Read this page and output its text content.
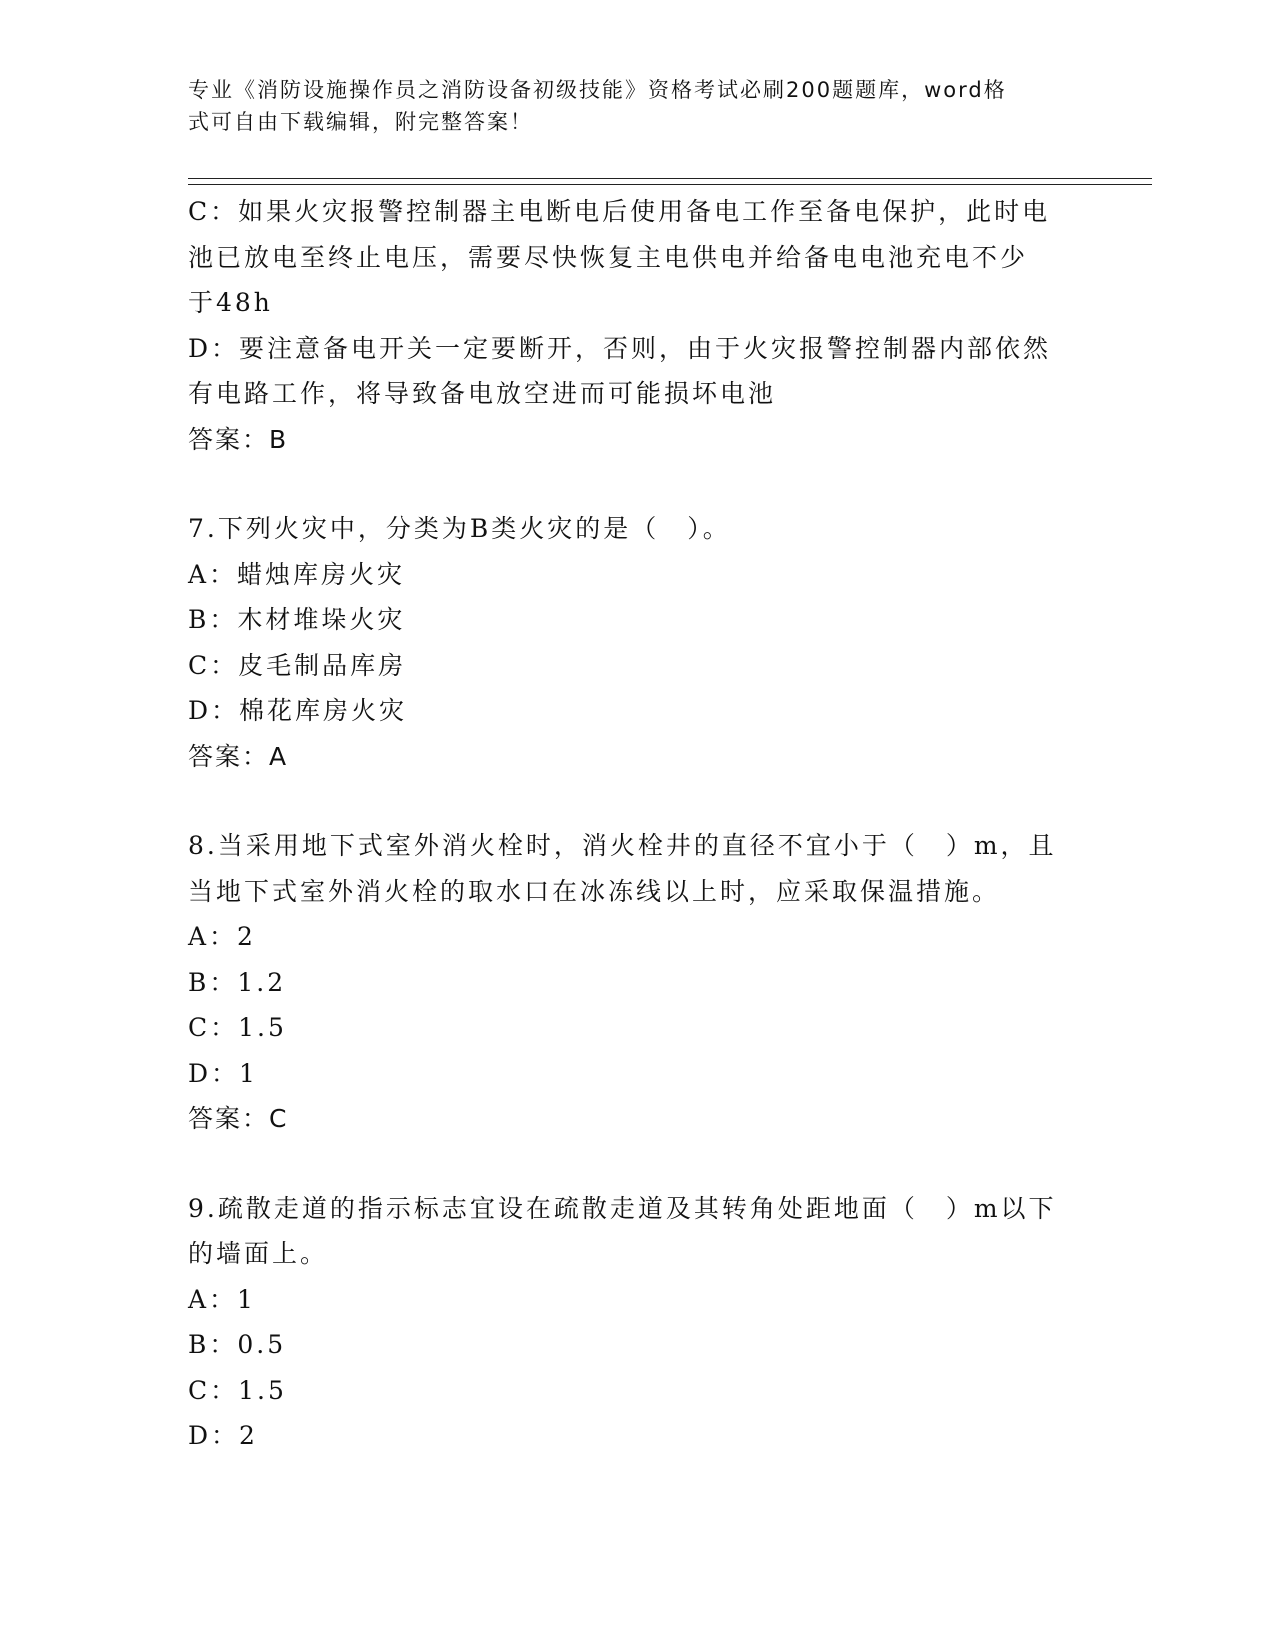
专业《消防设施操作员之消防设备初级技能》资格考试必刷200题题库，word格
式可自由下载编辑，附完整答案！

C：如果火灾报警控制器主电断电后使用备电工作至备电保护，此时电

池已放电至终止电压，需要尽快恢复主电供电并给备电电池充电不少

于48h

D：要注意备电开关一定要断开，否则，由于火灾报警控制器内部依然

有电路工作，将导致备电放空进而可能损坏电池

答案：B

7.下列火灾中，分类为B类火灾的是（　）。

A：蜡烛库房火灾

B：木材堆垛火灾

C：皮毛制品库房

D：棉花库房火灾

答案：A

8.当采用地下式室外消火栓时，消火栓井的直径不宜小于（　）m，且

当地下式室外消火栓的取水口在冰冻线以上时，应采取保温措施。

A：2

B：1.2

C：1.5

D：1

答案：C

9.疏散走道的指示标志宜设在疏散走道及其转角处距地面（　）m以下

的墙面上。

A：1

B：0.5

C：1.5

D：2
